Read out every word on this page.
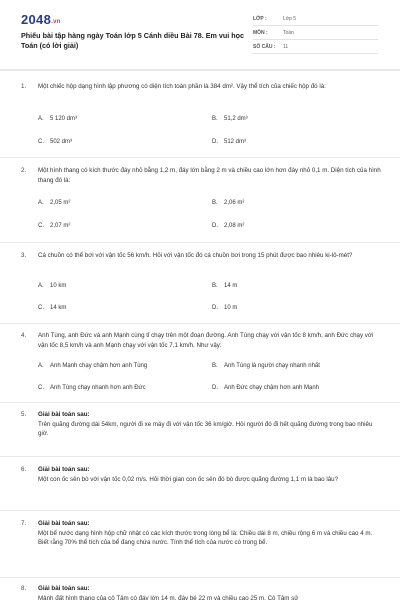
2048.vn
Phiếu bài tập hàng ngày Toán lớp 5 Cánh diều Bài 78. Em vui học Toán (có lời giải)
LỚP :	Lớp 5
MÔN :	Toán
SỐ CÂU : 11
1. Một chiếc hộp dạng hình lập phương có diện tích toàn phần là 384 dm². Vậy thể tích của chiếc hộp đó là:
A. 5 120 dm³	B. 51,2 dm³
C. 502 dm³	D. 512 dm³
2. Một hình thang có kích thước đáy nhỏ bằng 1,2 m, đáy lớn bằng 2 m và chiều cao lớn hơn đáy nhỏ 0,1 m. Diện tích của hình thang đó là:
A. 2,05 m²	B. 2,06 m²
C. 2,07 m²	D. 2,08 m²
3. Cá chuồn có thể bơi với vận tốc 56 km/h. Hỏi với vận tốc đó cá chuồn bơi trong 15 phút được bao nhiêu ki-lô-mét?
A. 10 km	B. 14 m
C. 14 km	D. 10 m
4. Anh Tùng, anh Đức và anh Mạnh cùng tỉ chạy trên một đoạn đường. Anh Tùng chạy với vận tốc 8 km/h, anh Đức chạy với vận tốc 8,5 km/h và anh Mạnh chạy với vận tốc 7,1 km/h. Như vậy:
A. Anh Mạnh chạy chậm hơn anh Tùng	B. Anh Tùng là người chạy nhanh nhất
C. Anh Tùng chạy nhanh hơn anh Đức	D. Anh Đức chạy chậm hơn anh Mạnh
5. Giải bài toán sau:
Trên quãng đường dài 54km, người đi xe máy đi với vận tốc 36 km/giờ. Hỏi người đó đi hết quãng đường trong bao nhiêu giờ.
6. Giải bài toán sau:
Một con ốc sên bò với vận tốc 0,02 m/s. Hỏi thời gian con ốc sên đó bò được quãng đường 1,1 m là bao lâu?
7. Giải bài toán sau:
Một bể nước dạng hình hộp chữ nhật có các kích thước trong lòng bể là: Chiều dài 8 m, chiều rộng 6 m và chiều cao 4 m. Biết rằng 70% thể tích của bể đang chứa nước. Tính thể tích của nước có trong bể.
8. Giải bài toán sau:
Mảnh đất hình thang của cô Tâm có đáy lớn 14 m, đáy bé 22 m và chiều cao 25 m. Cô Tâm sử
